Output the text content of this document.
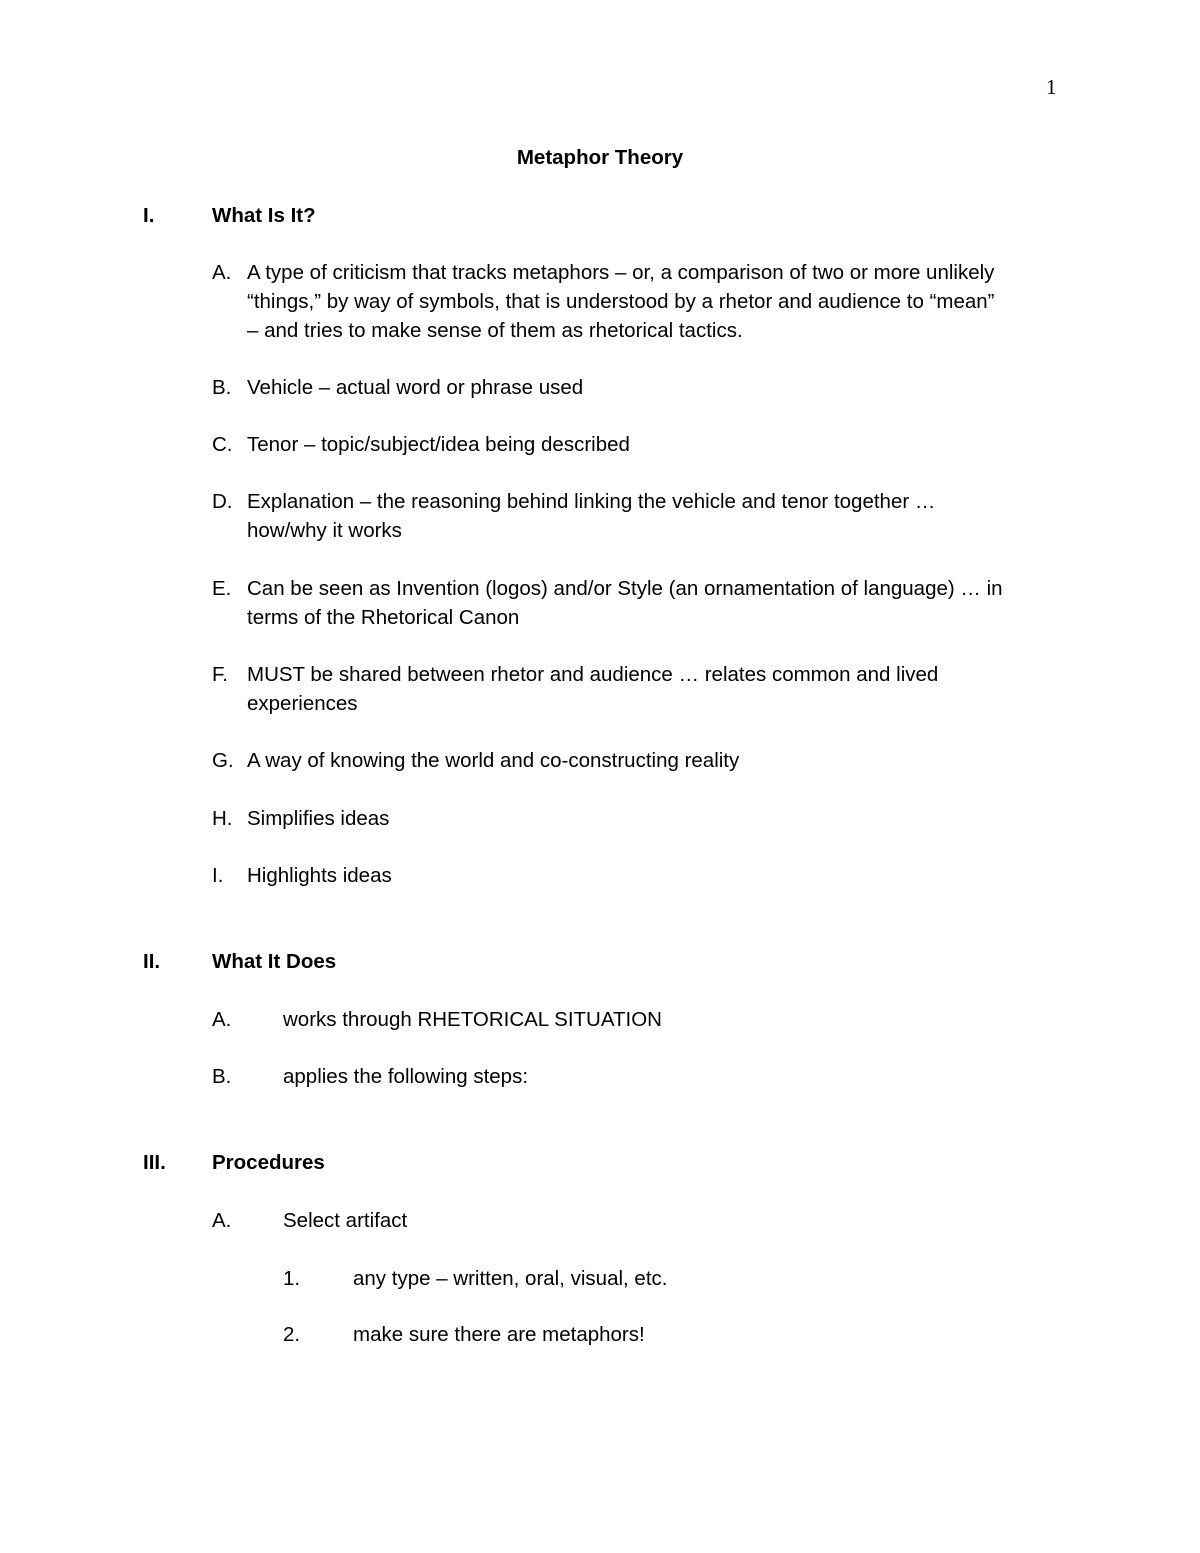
1
Metaphor Theory
I.	What Is It?
A. A type of criticism that tracks metaphors – or, a comparison of two or more unlikely
“things,” by way of symbols, that is understood by a rhetor and audience to “mean”
– and tries to make sense of them as rhetorical tactics.
B. Vehicle – actual word or phrase used
C. Tenor – topic/subject/idea being described
D. Explanation – the reasoning behind linking the vehicle and tenor together …
how/why it works
E. Can be seen as Invention (logos) and/or Style (an ornamentation of language) … in
terms of the Rhetorical Canon
F. MUST be shared between rhetor and audience … relates common and lived
experiences
G. A way of knowing the world and co-constructing reality
H. Simplifies ideas
I. Highlights ideas
II.	What It Does
A.	works through RHETORICAL SITUATION
B.	applies the following steps:
III. Procedures
A.	Select artifact
1.	any type – written, oral, visual, etc.
2.	make sure there are metaphors!
